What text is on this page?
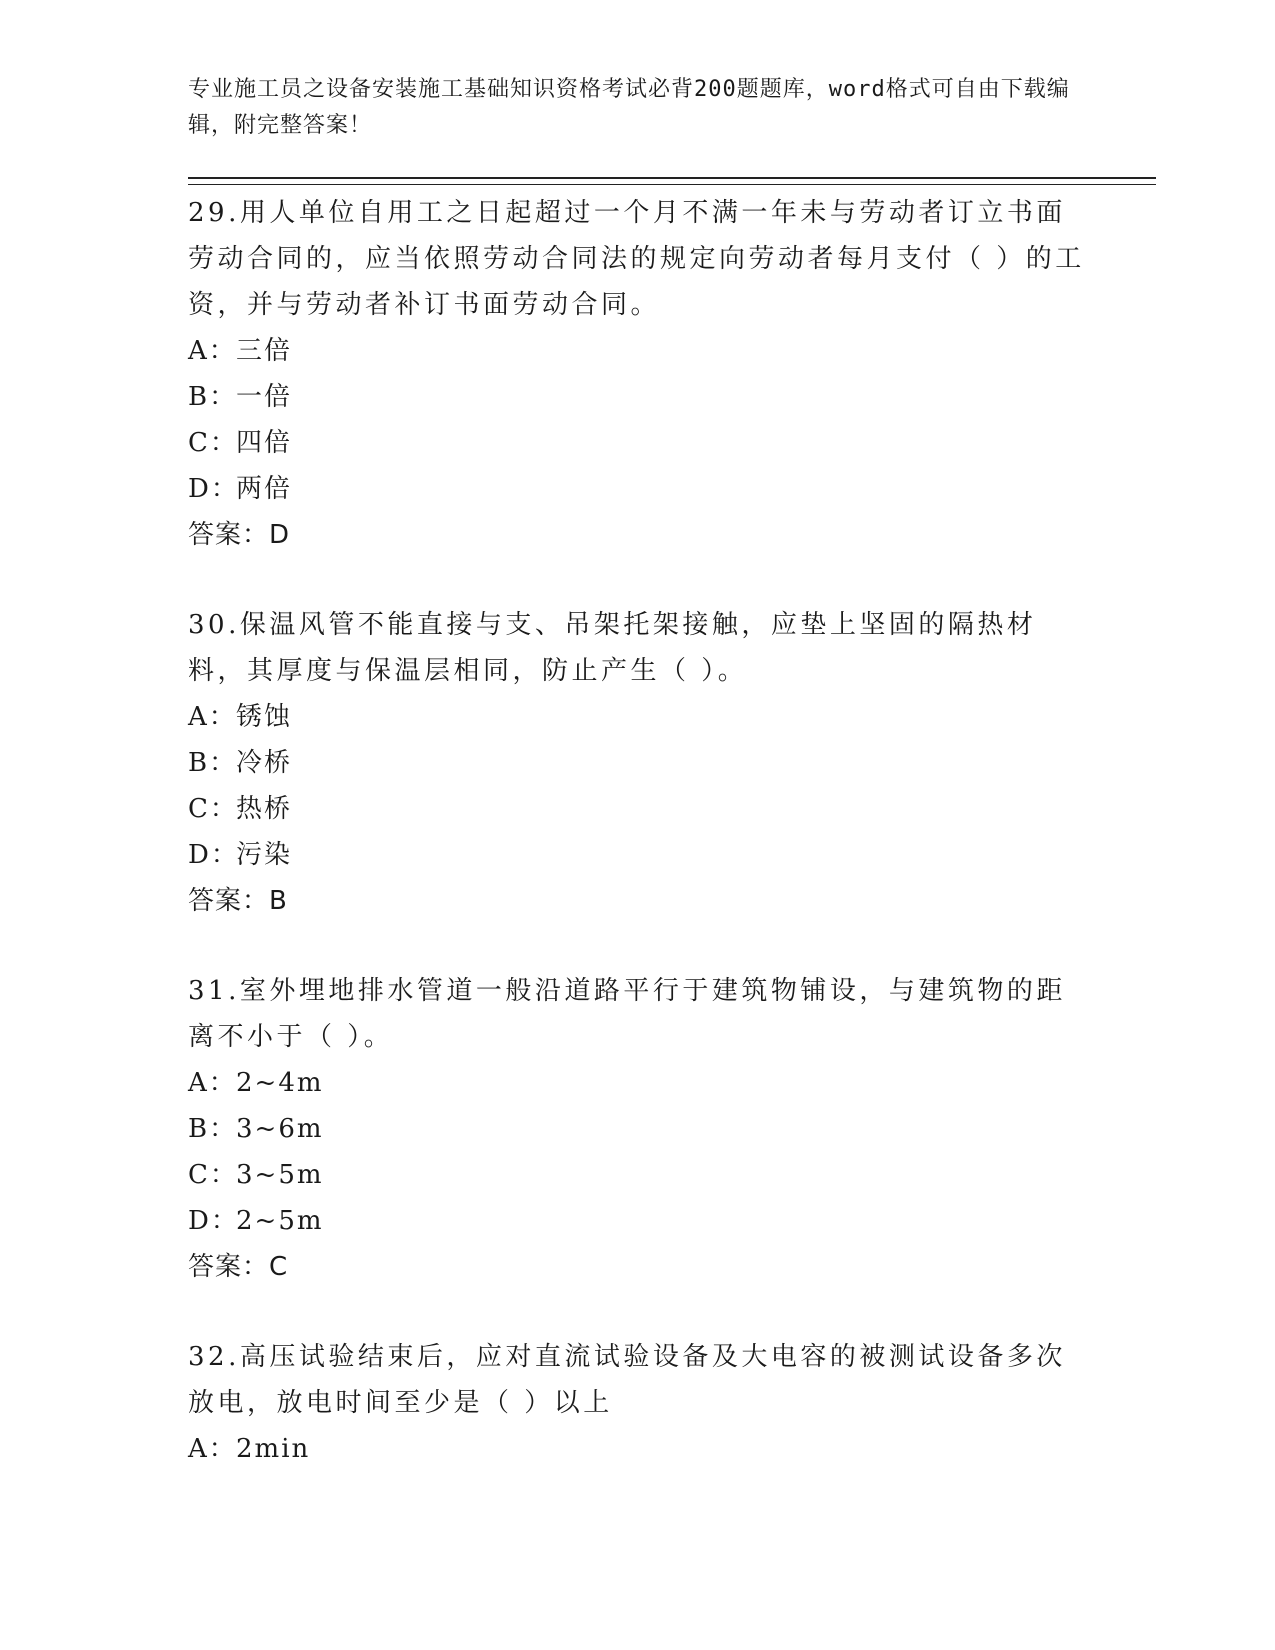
专业施工员之设备安装施工基础知识资格考试必背200题题库，word格式可自由下载编辑，附完整答案！

29.用人单位自用工之日起超过一个月不满一年未与劳动者订立书面劳动合同的，应当依照劳动合同法的规定向劳动者每月支付（ ）的工资，并与劳动者补订书面劳动合同。

A： 三倍

B：
一倍

C：
四倍

D：
两倍

答案：D

30.保温风管不能直接与支、吊架托架接触，应垫上坚固的隔热材料，其厚度与保温层相同，防止产生（ ）。

A： 锈蚀

B：
冷桥

C：
热桥

D：
污染

答案：B

31.室外埋地排水管道一般沿道路平行于建筑物铺设，与建筑物的距离不小于（ ）。

A： 2~4m

B：
3~6m

C：
3~5m

D：
2~5m

答案：C

32.高压试验结束后，应对直流试验设备及大电容的被测试设备多次放电，放电时间至少是（ ）以上

A： 2min
